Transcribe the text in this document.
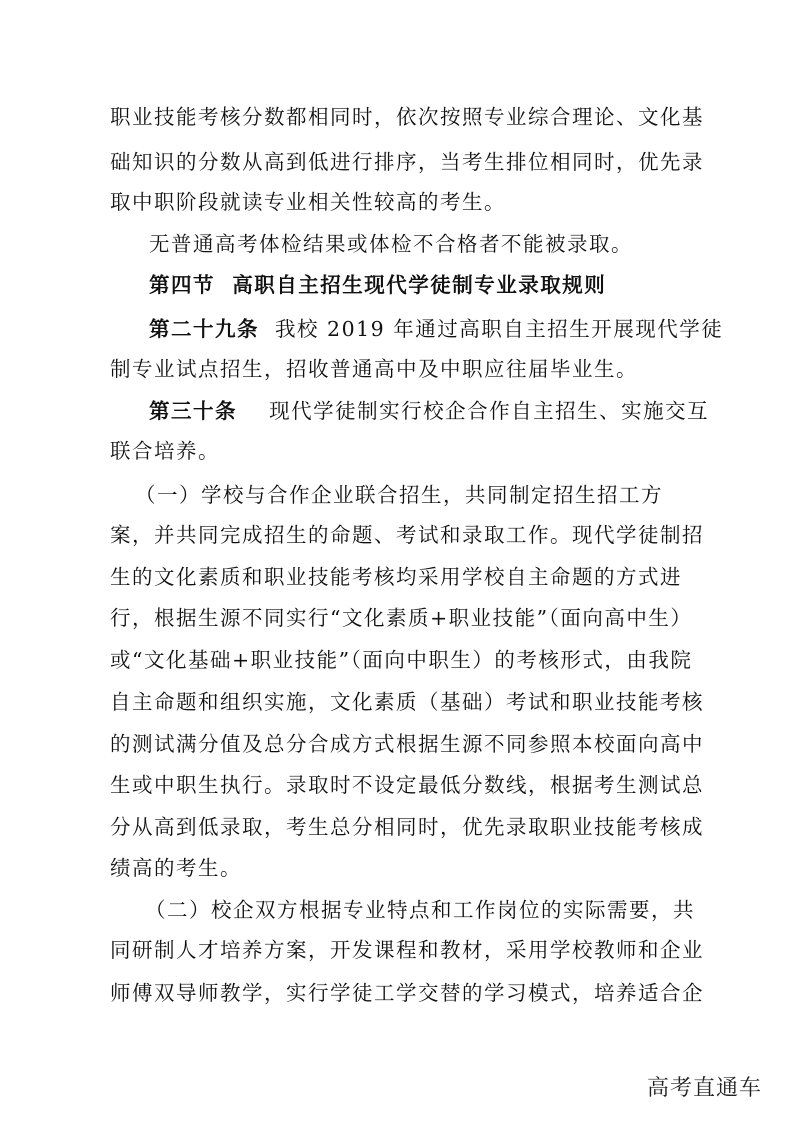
职业技能考核分数都相同时，依次按照专业综合理论、文化基
础知识的分数从高到低进行排序，当考生排位相同时，优先录
取中职阶段就读专业相关性较高的考生。
无普通高考体检结果或体检不合格者不能被录取。
第四节  高职自主招生现代学徒制专业录取规则
第二十九条  我校 2019 年通过高职自主招生开展现代学徒
制专业试点招生，招收普通高中及中职应往届毕业生。
第三十条    现代学徒制实行校企合作自主招生、实施交互
联合培养。
（一）学校与合作企业联合招生，共同制定招生招工方
案，并共同完成招生的命题、考试和录取工作。现代学徒制招
生的文化素质和职业技能考核均采用学校自主命题的方式进
行，根据生源不同实行“文化素质+职业技能”（面向高中生）
或“文化基础+职业技能”（面向中职生）的考核形式，由我院
自主命题和组织实施，文化素质（基础）考试和职业技能考核
的测试满分值及总分合成方式根据生源不同参照本校面向高中
生或中职生执行。录取时不设定最低分数线，根据考生测试总
分从高到低录取，考生总分相同时，优先录取职业技能考核成
绩高的考生。
（二）校企双方根据专业特点和工作岗位的实际需要，共
同研制人才培养方案，开发课程和教材，采用学校教师和企业
师傅双导师教学，实行学徒工学交替的学习模式，培养适合企
高考直通车
